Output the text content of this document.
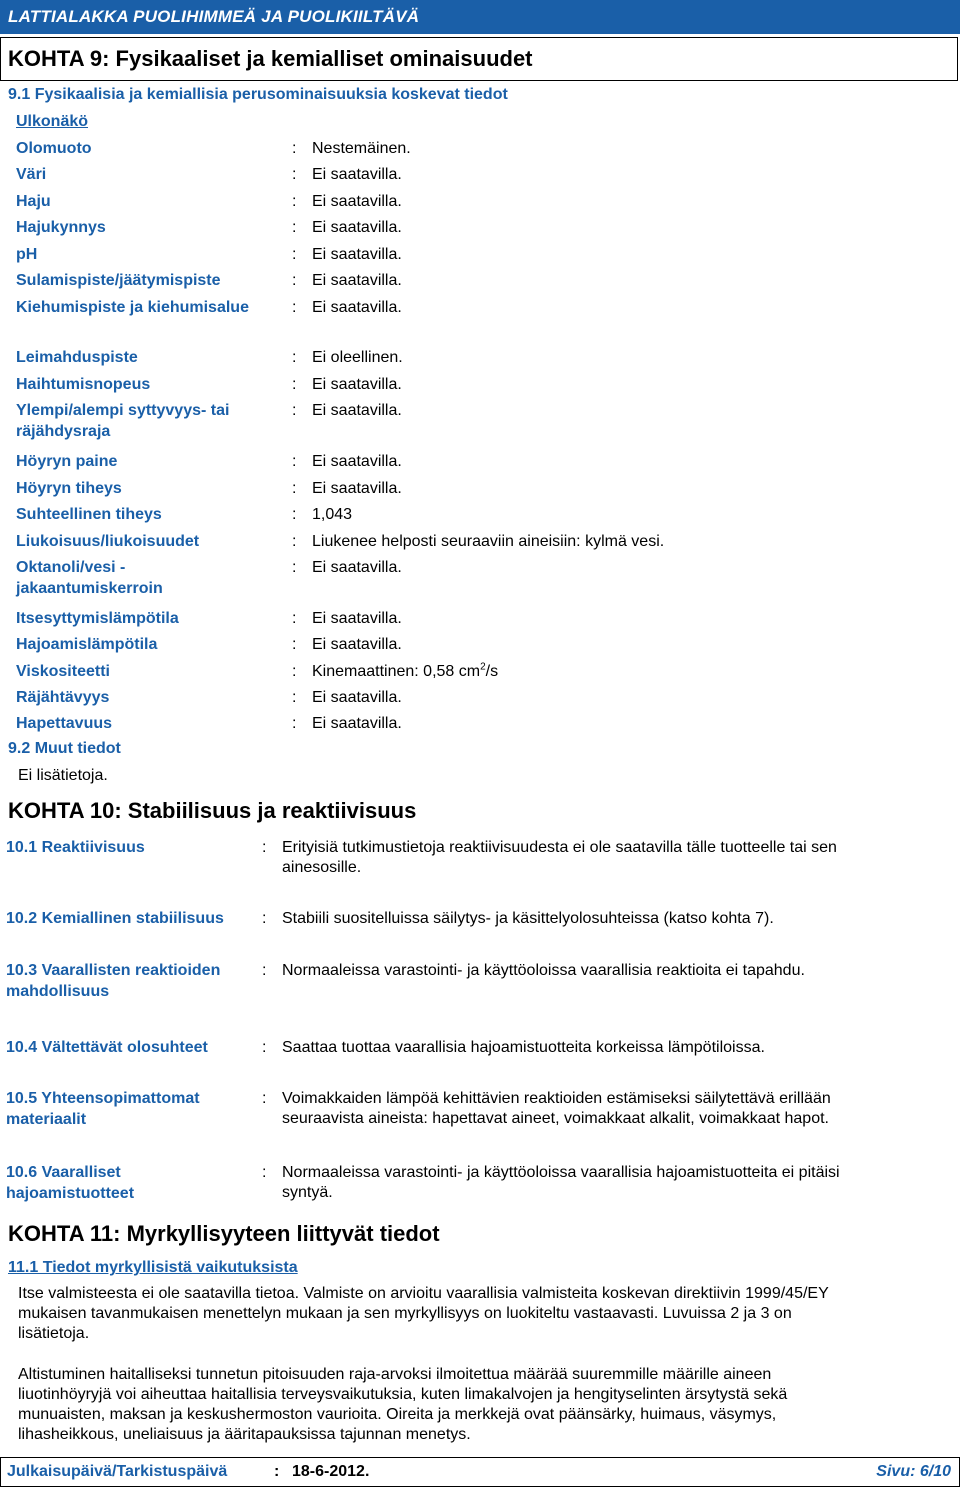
LATTIALAKKA PUOLIHIMMEÄ JA PUOLIKIILTÄVÄ
KOHTA 9: Fysikaaliset ja kemialliset ominaisuudet
9.1 Fysikaalisia ja kemiallisia perusominaisuuksia koskevat tiedot
Ulkonäkö
Olomuoto	: Nestemäinen.
Väri	: Ei saatavilla.
Haju	: Ei saatavilla.
Hajukynnys	: Ei saatavilla.
pH	: Ei saatavilla.
Sulamispiste/jäätymispiste	: Ei saatavilla.
Kiehumispiste ja kiehumisalue	: Ei saatavilla.
Leimahduspiste	: Ei oleellinen.
Haihtumisnopeus	: Ei saatavilla.
Ylempi/alempi syttyvyys- tai
räjähdysraja
: Ei saatavilla.
Höyryn paine	: Ei saatavilla.
Höyryn tiheys	: Ei saatavilla.
Suhteellinen tiheys	: 1,043
Liukoisuus/liukoisuudet	: Liukenee helposti seuraaviin aineisiin: kylmä vesi.
Oktanoli/vesi -
jakaantumiskerroin
: Ei saatavilla.
Itsesyttymislämpötila	: Ei saatavilla.
Hajoamislämpötila	: Ei saatavilla.
Viskositeetti	: Kinemaattinen: 0,58 $cm^2/s$
Räjähtävyys	: Ei saatavilla.
Hapettavuus	: Ei saatavilla.
9.2 Muut tiedot
Ei lisätietoja.
KOHTA 10: Stabiilisuus ja reaktiivisuus
10.1 Reaktiivisuus	: Erityisiä tutkimustietoja reaktiivisuudesta ei ole saatavilla tälle tuotteelle tai sen
ainesosille.
10.2 Kemiallinen stabiilisuus	: Stabiili suositelluissa säilytys- ja käsittelyolosuhteissa (katso kohta 7).
10.3 Vaarallisten reaktioiden
mahdollisuus
: Normaaleissa varastointi- ja käyttöoloissa vaarallisia reaktioita ei tapahdu.
10.4 Vältettävät olosuhteet	: Saattaa tuottaa vaarallisia hajoamistuotteita korkeissa lämpötiloissa.
10.5 Yhteensopimattomat
materiaalit
: Voimakkaiden lämpöä kehittävien reaktioiden estämiseksi säilytettävä erillään
seuraavista aineista: hapettavat aineet, voimakkaat alkalit, voimakkaat hapot.
10.6 Vaaralliset
hajoamistuotteet
: Normaaleissa varastointi- ja käyttöoloissa vaarallisia hajoamistuotteita ei pitäisi
syntyä.
KOHTA 11: Myrkyllisyyteen liittyvät tiedot
11.1 Tiedot myrkyllisistä vaikutuksista
Itse valmisteesta ei ole saatavilla tietoa. Valmiste on arvioitu vaarallisia valmisteita koskevan direktiivin 1999/45/EY
mukaisen tavanmukaisen menettelyn mukaan ja sen myrkyllisyys on luokiteltu vastaavasti. Luvuissa 2 ja 3 on
lisätietoja.
Altistuminen haitalliseksi tunnetun pitoisuuden raja-arvoksi ilmoitettua määrää suuremmille määrille aineen
liuotinhöyryjä voi aiheuttaa haitallisia terveysvaikutuksia, kuten limakalvojen ja hengityselinten ärsytystä sekä
munuaisten, maksan ja keskushermoston vaurioita. Oireita ja merkkejä ovat päänsärky, huimaus, väsymys,
lihasheikkous, uneliaisuus ja ääritapauksissa tajunnan menetys.
Julkaisupäivä/Tarkistuspäivä	: 18-6-2012.	Sivu: 6/10
